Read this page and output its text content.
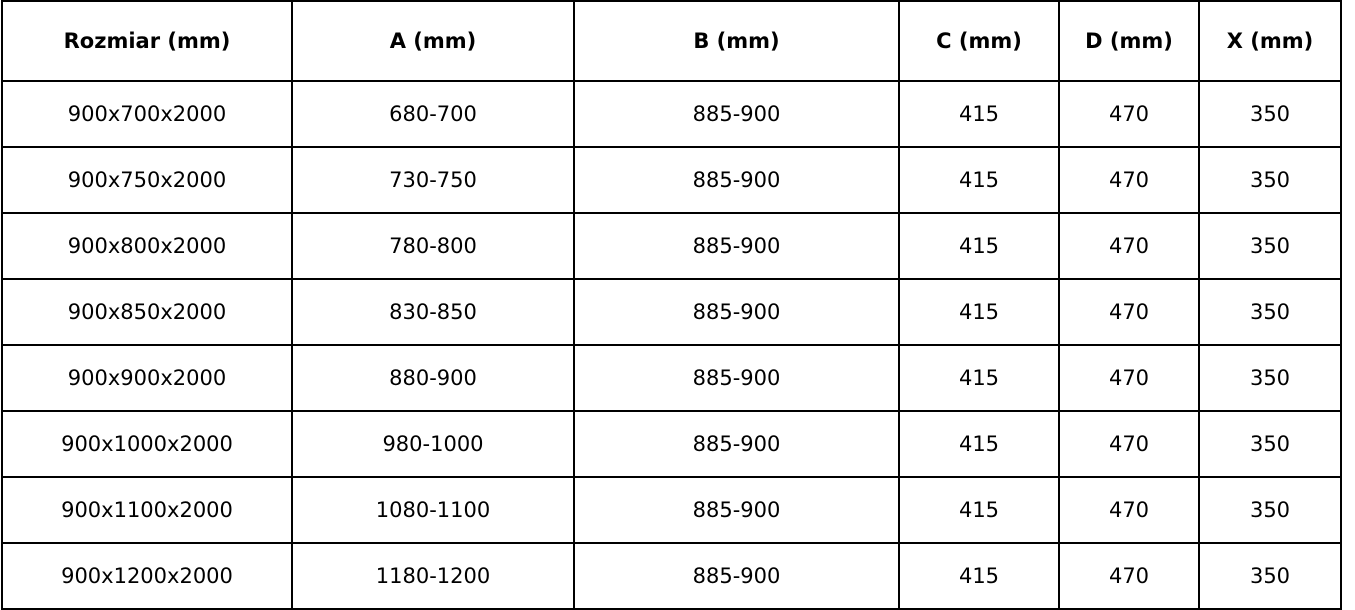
Rozmiar (mm)	A (mm)	B (mm)	C (mm)	D (mm)	X (mm)
900x700x2000	680-700	885-900	415	470	350
900x750x2000	730-750	885-900	415	470	350
900x800x2000	780-800	885-900	415	470	350
900x850x2000	830-850	885-900	415	470	350
900x900x2000	880-900	885-900	415	470	350
900x1000x2000	980-1000	885-900	415	470	350
900x1100x2000	1080-1100	885-900	415	470	350
900x1200x2000	1180-1200	885-900	415	470	350
